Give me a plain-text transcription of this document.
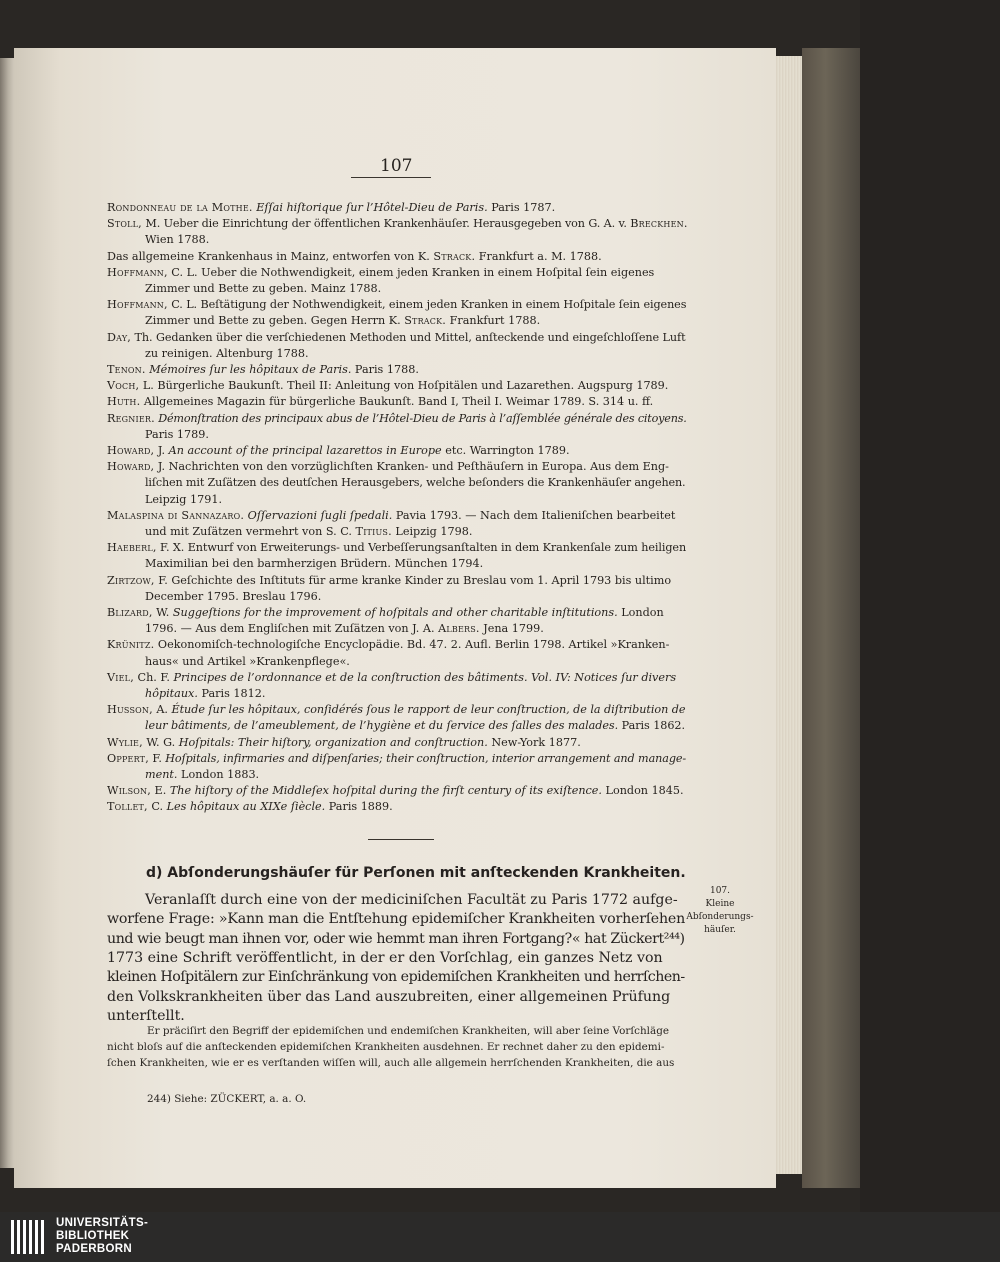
107
Rondonneau de la Mothe. Eſſai hiſtorique ſur l’Hôtel-Dieu de Paris. Paris 1787.
Stoll, M. Ueber die Einrichtung der öffentlichen Krankenhäuſer. Herausgegeben von G. A. v. Breckhen.
Wien 1788.
Das allgemeine Krankenhaus in Mainz, entworfen von K. Strack. Frankfurt a. M. 1788.
Hoffmann, C. L. Ueber die Nothwendigkeit, einem jeden Kranken in einem Hoſpital ſein eigenes
Zimmer und Bette zu geben. Mainz 1788.
Hoffmann, C. L. Beſtätigung der Nothwendigkeit, einem jeden Kranken in einem Hoſpitale ſein eigenes
Zimmer und Bette zu geben. Gegen Herrn K. Strack. Frankfurt 1788.
Day, Th. Gedanken über die verſchiedenen Methoden und Mittel, anſteckende und eingeſchloſſene Luft
zu reinigen. Altenburg 1788.
Tenon. Mémoires ſur les hôpitaux de Paris. Paris 1788.
Voch, L. Bürgerliche Baukunſt. Theil II: Anleitung von Hoſpitälen und Lazarethen. Augspurg 1789.
Huth. Allgemeines Magazin für bürgerliche Baukunſt. Band I, Theil I. Weimar 1789. S. 314 u. ff.
Regnier. Démonſtration des principaux abus de l’Hôtel-Dieu de Paris à l’aſſemblée générale des citoyens.
Paris 1789.
Howard, J. An account of the principal lazarettos in Europe etc. Warrington 1789.
Howard, J. Nachrichten von den vorzüglichſten Kranken- und Peſthäuſern in Europa. Aus dem Eng-
liſchen mit Zuſätzen des deutſchen Herausgebers, welche beſonders die Krankenhäuſer angehen.
Leipzig 1791.
Malaspina di Sannazaro. Oſſervazioni ſugli ſpedali. Pavia 1793. — Nach dem Italieniſchen bearbeitet
und mit Zuſätzen vermehrt von S. C. Titius. Leipzig 1798.
Haeberl, F. X. Entwurf von Erweiterungs- und Verbeſſerungsanſtalten in dem Krankenſale zum heiligen
Maximilian bei den barmherzigen Brüdern. München 1794.
Zirtzow, F. Geſchichte des Inſtituts für arme kranke Kinder zu Breslau vom 1. April 1793 bis ultimo
December 1795. Breslau 1796.
Blizard, W. Suggeſtions for the improvement of hoſpitals and other charitable inſtitutions. London
1796. — Aus dem Engliſchen mit Zuſätzen von J. A. Albers. Jena 1799.
Krünitz. Oekonomiſch-technologiſche Encyclopädie. Bd. 47. 2. Aufl. Berlin 1798. Artikel »Kranken-
haus« und Artikel »Krankenpflege«.
Viel, Ch. F. Principes de l’ordonnance et de la conſtruction des bâtiments. Vol. IV: Notices ſur divers
hôpitaux. Paris 1812.
Husson, A. Étude ſur les hôpitaux, conſidérés ſous le rapport de leur conſtruction, de la diſtribution de
leur bâtiments, de l’ameublement, de l’hygiène et du ſervice des ſalles des malades. Paris 1862.
Wylie, W. G. Hoſpitals: Their hiſtory, organization and conſtruction. New-York 1877.
Oppert, F. Hoſpitals, infirmaries and diſpenſaries; their conſtruction, interior arrangement and manage-
ment. London 1883.
Wilson, E. The hiſtory of the Middleſex hoſpital during the firſt century of its exiſtence. London 1845.
Tollet, C. Les hôpitaux au XIXe ſiècle. Paris 1889.
d) Abſonderungshäuſer für Perſonen mit anſteckenden Krankheiten.
Veranlaſſt durch eine von der mediciniſchen Facultät zu Paris 1772 aufge-
worfene Frage: »Kann man die Entſtehung epidemiſcher Krankheiten vorherſehen
und wie beugt man ihnen vor, oder wie hemmt man ihren Fortgang?« hat Zückert²⁴⁴)
1773 eine Schrift veröffentlicht, in der er den Vorſchlag, ein ganzes Netz von
kleinen Hoſpitälern zur Einſchränkung von epidemiſchen Krankheiten und herrſchen-
den Volkskrankheiten über das Land auszubreiten, einer allgemeinen Prüfung
unterſtellt.
Er präciſirt den Begriff der epidemiſchen und endemiſchen Krankheiten, will aber ſeine Vorſchläge
nicht bloſs auf die anſteckenden epidemiſchen Krankheiten ausdehnen. Er rechnet daher zu den epidemi-
ſchen Krankheiten, wie er es verſtanden wiſſen will, auch alle allgemein herrſchenden Krankheiten, die aus
244) Siehe: ZÜCKERT, a. a. O.
107.
Kleine
Abſonderungs-
häuſer.
UNIVERSITÄTS-
BIBLIOTHEK
PADERBORN
